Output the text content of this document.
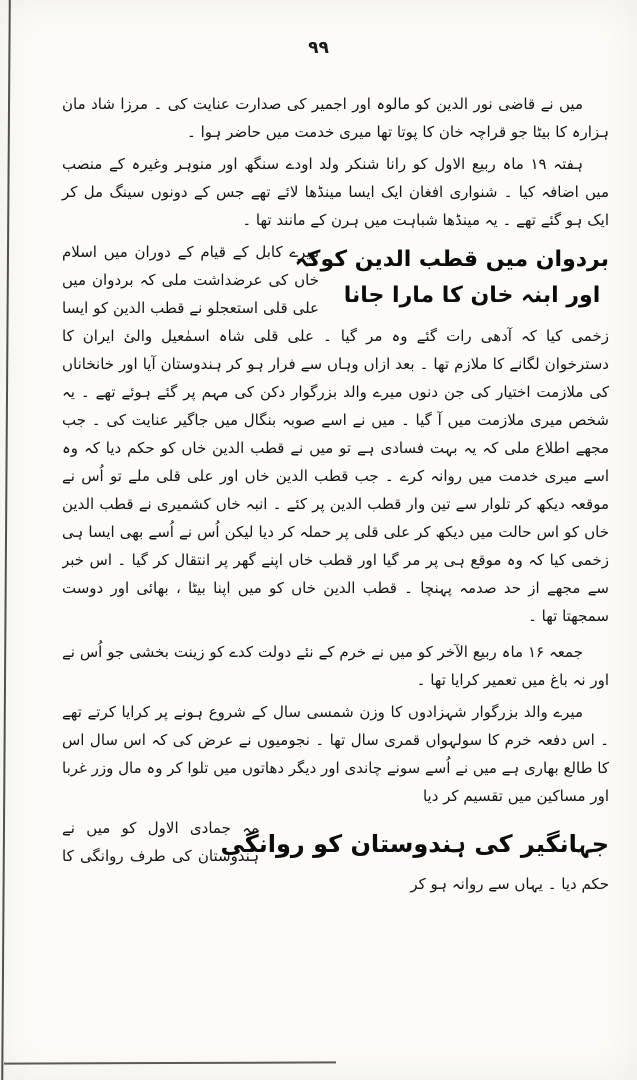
۹۹

میں نے قاضی نور الدین کو مالوہ اور اجمیر کی صدارت عنایت کی ۔ مرزا شاد مان ہزارہ کا بیٹا جو قراچہ خان کا پوتا تھا میری خدمت میں حاضر ہوا ۔

ہفتہ ۱۹ ماہ ربیع الاول کو رانا شنکر ولد اودے سنگھ اور منوہر وغیرہ کے منصب میں اضافہ کیا ۔ شنواری افغان ایک ایسا مینڈھا لائے تھے جس کے دونوں سینگ مل کر ایک ہو گئے تھے ۔ یہ مینڈھا شباہت میں ہرن کے مانند تھا ۔

بردوان میں قطب الدین کوکہ
اور ابنہ خان کا مارا جانا

میرے کابل کے قیام کے دوران میں اسلام خاں کی عرضداشت ملی کہ بردوان میں علی قلی استعجلو نے قطب الدین کو ایسا زخمی کیا کہ آدھی رات گئے وہ مر گیا ۔ علی قلی شاہ اسمٰعیل والئ ایران کا دسترخوان لگانے کا ملازم تھا ۔ بعد ازاں وہاں سے فرار ہو کر ہندوستان آیا اور خانخاناں کی ملازمت اختیار کی جن دنوں میرے والد بزرگوار دکن کی مہم پر گئے ہوئے تھے ۔ یہ شخص میری ملازمت میں آ گیا ۔ میں نے اسے صوبہ بنگال میں جاگیر عنایت کی ۔ جب مجھے اطلاع ملی کہ یہ بہت فسادی ہے تو میں نے قطب الدین خاں کو حکم دیا کہ وہ اسے میری خدمت میں روانہ کرے ۔ جب قطب الدین خاں اور علی قلی ملے تو اُس نے موقعہ دیکھ کر تلوار سے تین وار قطب الدین پر کئے ۔ انبہ خاں کشمیری نے قطب الدین خاں کو اس حالت میں دیکھ کر علی قلی پر حملہ کر دیا لیکن اُس نے اُسے بھی ایسا ہی زخمی کیا کہ وہ موقع ہی پر مر گیا اور قطب خاں اپنے گھر پر انتقال کر گیا ۔ اس خبر سے مجھے از حد صدمہ پہنچا ۔ قطب الدین خاں کو میں اپنا بیٹا ، بھائی اور دوست سمجھتا تھا ۔

جمعہ ۱۶ ماہ ربیع الآخر کو میں نے خرم کے نئے دولت کدے کو زینت بخشی جو اُس نے اور نہ باغ میں تعمیر کرایا تھا ۔

میرے والد بزرگوار شہزادوں کا وزن شمسی سال کے شروع ہونے پر کرایا کرتے تھے ۔ اس دفعہ خرم کا سولہواں قمری سال تھا ۔ نجومیوں نے عرض کی کہ اس سال اس کا طالع بھاری ہے میں نے اُسے سونے چاندی اور دیگر دھاتوں میں تلوا کر وہ مال وزر غربا اور مساکین میں تقسیم کر دیا

جہانگیر کی ہندوستان کو روانگی

مہ جمادی الاول کو میں نے ہندوستان کی طرف روانگی کا حکم دیا ۔ یہاں سے روانہ ہو کر
